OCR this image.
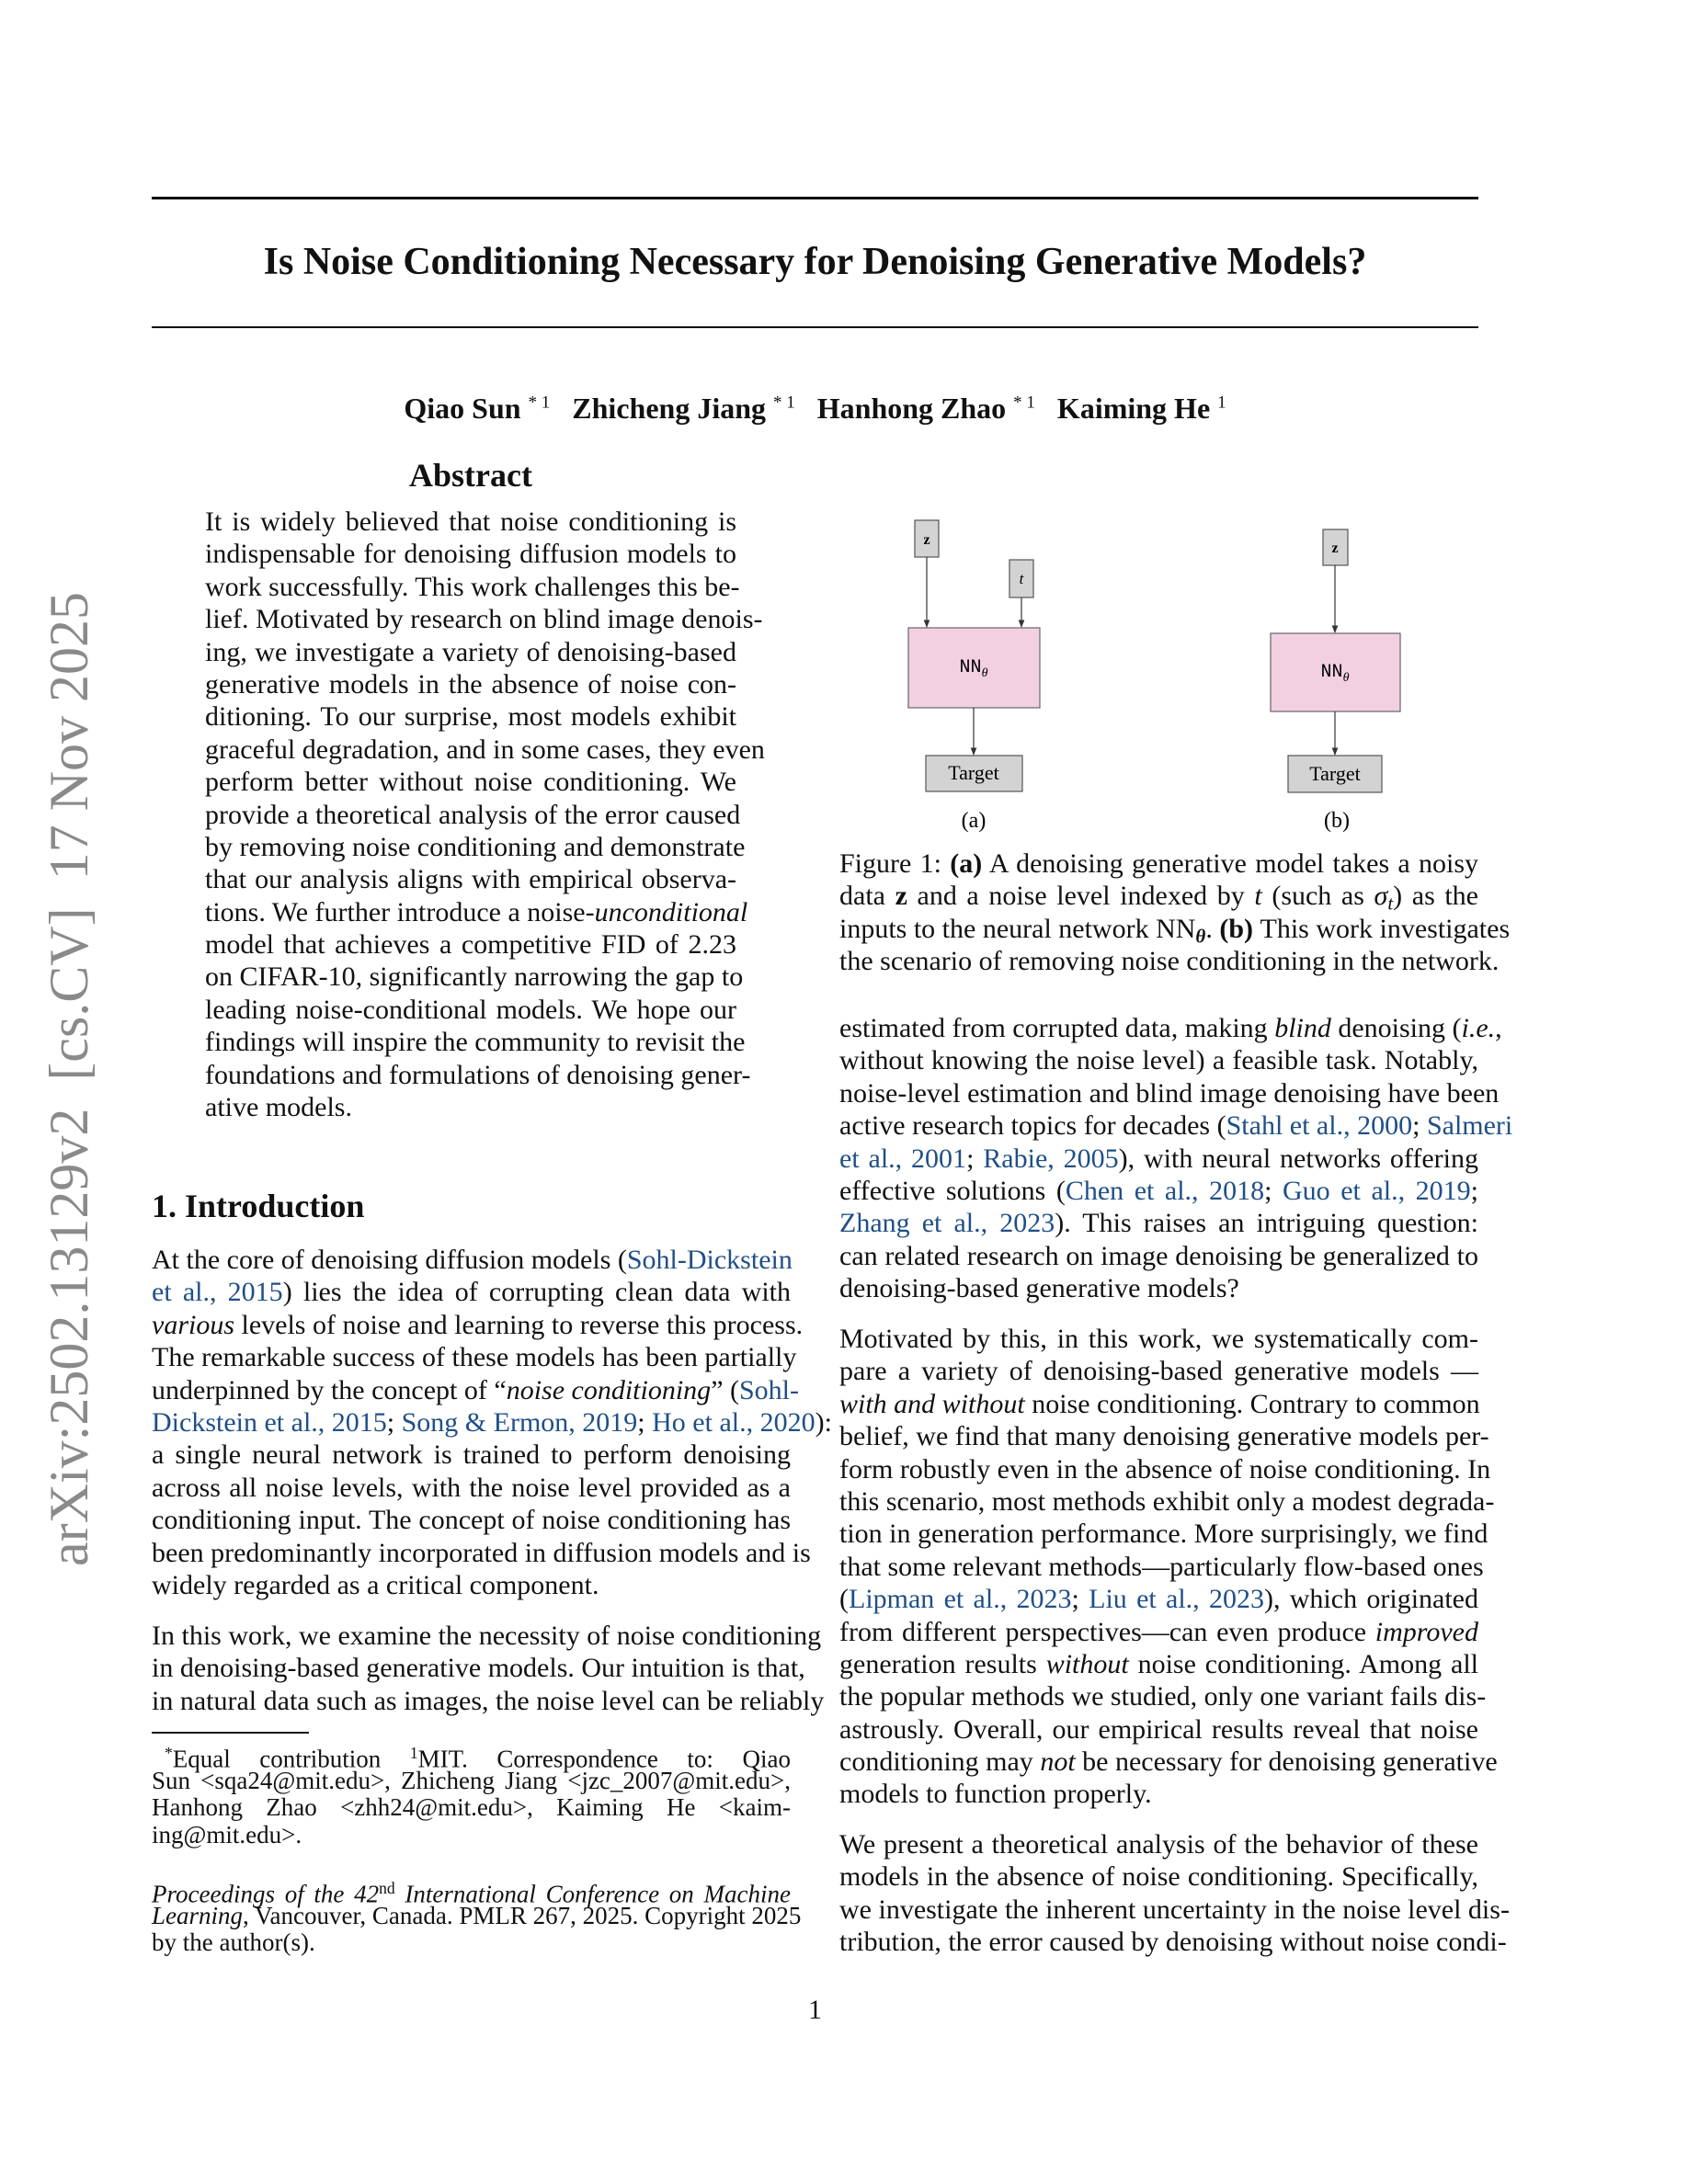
arXiv:2502.13129v2  [cs.CV]  17 Nov 2025
Is Noise Conditioning Necessary for Denoising Generative Models?
Qiao Sun $^{* 1}$ Zhicheng Jiang $^{* 1}$ Hanhong Zhao $^{* 1}$ Kaiming He $^1$
Abstract
It is widely believed that noise conditioning is
indispensable for denoising diffusion models to
work successfully. This work challenges this be-
lief. Motivated by research on blind image denois-
ing, we investigate a variety of denoising-based
generative models in the absence of noise con-
ditioning. To our surprise, most models exhibit
graceful degradation, and in some cases, they even
perform better without noise conditioning. We
provide a theoretical analysis of the error caused
by removing noise conditioning and demonstrate
that our analysis aligns with empirical observa-
tions. We further introduce a noise-unconditional
model that achieves a competitive FID of 2.23
on CIFAR-10, significantly narrowing the gap to
leading noise-conditional models. We hope our
findings will inspire the community to revisit the
foundations and formulations of denoising gener-
ative models.
1. Introduction
At the core of denoising diffusion models (Sohl-Dickstein
et al., 2015) lies the idea of corrupting clean data with
various levels of noise and learning to reverse this process.
The remarkable success of these models has been partially
underpinned by the concept of “noise conditioning” (Sohl-
Dickstein et al., 2015; Song & Ermon, 2019; Ho et al., 2020):
a single neural network is trained to perform denoising
across all noise levels, with the noise level provided as a
conditioning input. The concept of noise conditioning has
been predominantly incorporated in diffusion models and is
widely regarded as a critical component.
In this work, we examine the necessity of noise conditioning
in denoising-based generative models. Our intuition is that,
in natural data such as images, the noise level can be reliably
*Equal contribution $^1$MIT. Correspondence to: Qiao
Sun <sqa24@mit.edu>, Zhicheng Jiang <jzc_2007@mit.edu>,
Hanhong Zhao <zhh24@mit.edu>, Kaiming He <kaim-
ing@mit.edu>.
Proceedings of the 42nd International Conference on Machine
Learning, Vancouver, Canada. PMLR 267, 2025. Copyright 2025
by the author(s).
z
t
$NN_\theta$
Target
(a)
z
$NN_\theta$
Target
(b)
Figure 1: (a) A denoising generative model takes a noisy
data z and a noise level indexed by t (such as $\sigma_t$) as the
inputs to the neural network NNθ. (b) This work investigates
the scenario of removing noise conditioning in the network.
estimated from corrupted data, making blind denoising (i.e.,
without knowing the noise level) a feasible task. Notably,
noise-level estimation and blind image denoising have been
active research topics for decades (Stahl et al., 2000; Salmeri
et al., 2001; Rabie, 2005), with neural networks offering
effective solutions (Chen et al., 2018; Guo et al., 2019;
Zhang et al., 2023). This raises an intriguing question:
can related research on image denoising be generalized to
denoising-based generative models?
Motivated by this, in this work, we systematically com-
pare a variety of denoising-based generative models —
with and without noise conditioning. Contrary to common
belief, we find that many denoising generative models per-
form robustly even in the absence of noise conditioning. In
this scenario, most methods exhibit only a modest degrada-
tion in generation performance. More surprisingly, we find
that some relevant methods—particularly flow-based ones
(Lipman et al., 2023; Liu et al., 2023), which originated
from different perspectives—can even produce improved
generation results without noise conditioning. Among all
the popular methods we studied, only one variant fails dis-
astrously. Overall, our empirical results reveal that noise
conditioning may not be necessary for denoising generative
models to function properly.
We present a theoretical analysis of the behavior of these
models in the absence of noise conditioning. Specifically,
we investigate the inherent uncertainty in the noise level dis-
tribution, the error caused by denoising without noise condi-
1
